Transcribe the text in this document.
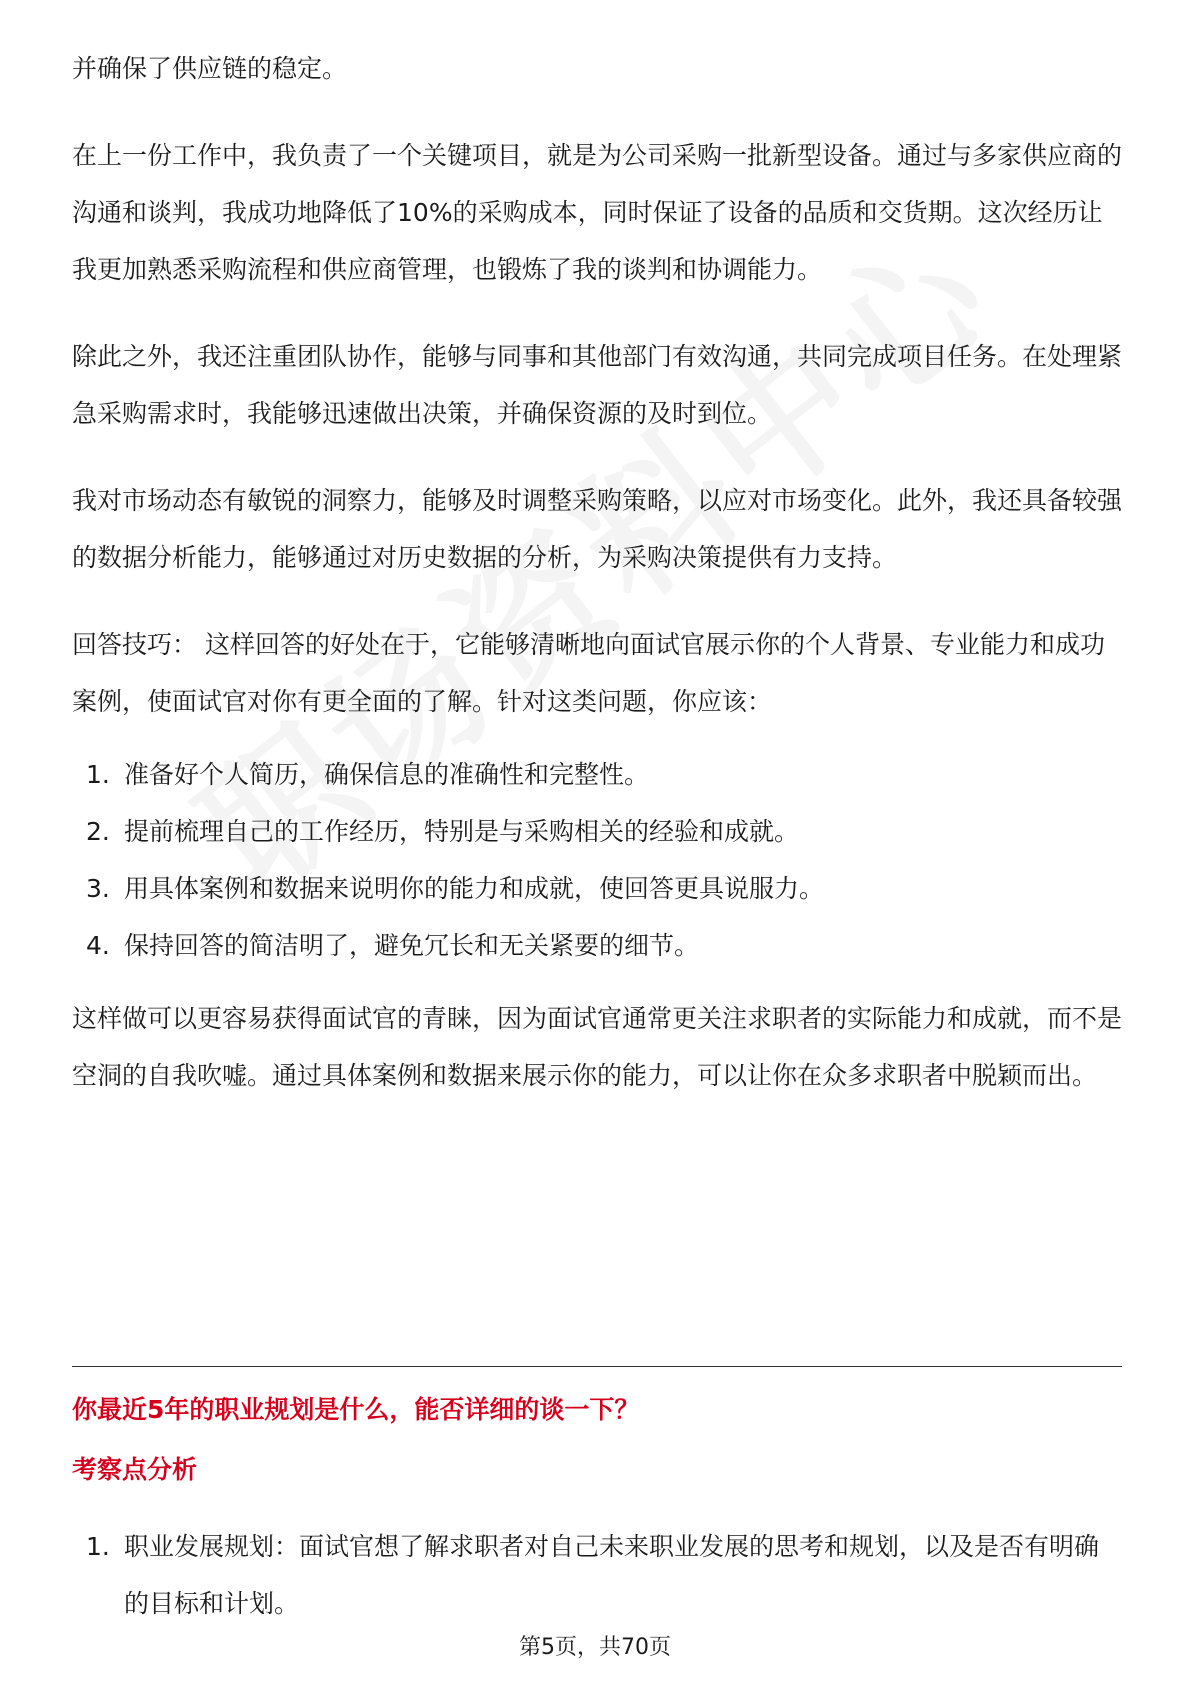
并确保了供应链的稳定。

在上一份工作中，我负责了一个关键项目，就是为公司采购一批新型设备。通过与多家供应商的沟通和谈判，我成功地降低了10%的采购成本，同时保证了设备的品质和交货期。这次经历让我更加熟悉采购流程和供应商管理，也锻炼了我的谈判和协调能力。

除此之外，我还注重团队协作，能够与同事和其他部门有效沟通，共同完成项目任务。在处理紧急采购需求时，我能够迅速做出决策，并确保资源的及时到位。

我对市场动态有敏锐的洞察力，能够及时调整采购策略，以应对市场变化。此外，我还具备较强的数据分析能力，能够通过对历史数据的分析，为采购决策提供有力支持。

回答技巧： 这样回答的好处在于，它能够清晰地向面试官展示你的个人背景、专业能力和成功案例，使面试官对你有更全面的了解。针对这类问题，你应该：

1. 准备好个人简历，确保信息的准确性和完整性。
2. 提前梳理自己的工作经历，特别是与采购相关的经验和成就。
3. 用具体案例和数据来说明你的能力和成就，使回答更具说服力。
4. 保持回答的简洁明了，避免冗长和无关紧要的细节。

这样做可以更容易获得面试官的青睐，因为面试官通常更关注求职者的实际能力和成就，而不是空洞的自我吹嘘。通过具体案例和数据来展示你的能力，可以让你在众多求职者中脱颖而出。

你最近5年的职业规划是什么，能否详细的谈一下？
考察点分析
1. 职业发展规划：面试官想了解求职者对自己未来职业发展的思考和规划，以及是否有明确的目标和计划。
第5页，共70页
